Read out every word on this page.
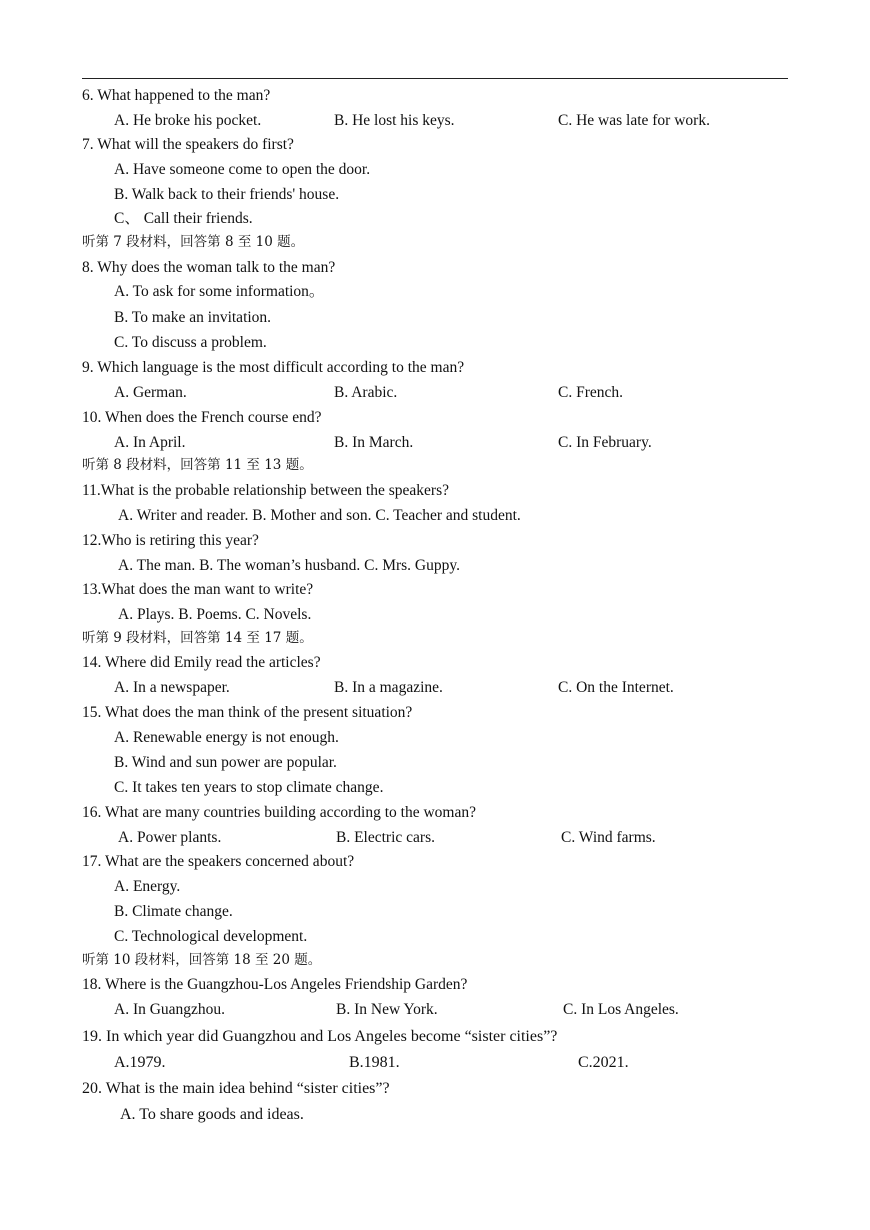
6. What happened to the man?
A. He broke his pocket.	B. He lost his keys.	C. He was late for work.
7. What will the speakers do first?
A. Have someone come to open the door.
B. Walk back to their friends' house.
C、 Call their friends.
听第 7 段材料，回答第 8 至 10 题。
8. Why does the woman talk to the man?
A. To ask for some information。
B. To make an invitation.
C. To discuss a problem.
9. Which language is the most difficult according to the man?
A. German.	B. Arabic.	C. French.
10. When does the French course end?
A. In April.	B. In March.	C. In February.
听第 8 段材料，回答第 11 至 13 题。
11.What is the probable relationship between the speakers?
A. Writer and reader. B. Mother and son. C. Teacher and student.
12.Who is retiring this year?
A. The man. B. The woman’s husband. C. Mrs. Guppy.
13.What does the man want to write?
A. Plays. B. Poems. C. Novels.
听第 9 段材料，回答第 14 至 17 题。
14. Where did Emily read the articles?
A. In a newspaper.	B. In a magazine.	C. On the Internet.
15. What does the man think of the present situation?
A. Renewable energy is not enough.
B. Wind and sun power are popular.
C. It takes ten years to stop climate change.
16. What are many countries building according to the woman?
A. Power plants.	B. Electric cars.	C. Wind farms.
17. What are the speakers concerned about?
A. Energy.
B. Climate change.
C. Technological development.
听第 10 段材料，回答第 18 至 20 题。
18. Where is the Guangzhou-Los Angeles Friendship Garden?
A. In Guangzhou.	B. In New York.	C. In Los Angeles.
19. In which year did Guangzhou and Los Angeles become “sister cities”?
A.1979.	B.1981.	C.2021.
20. What is the main idea behind “sister cities”?
A. To share goods and ideas.
